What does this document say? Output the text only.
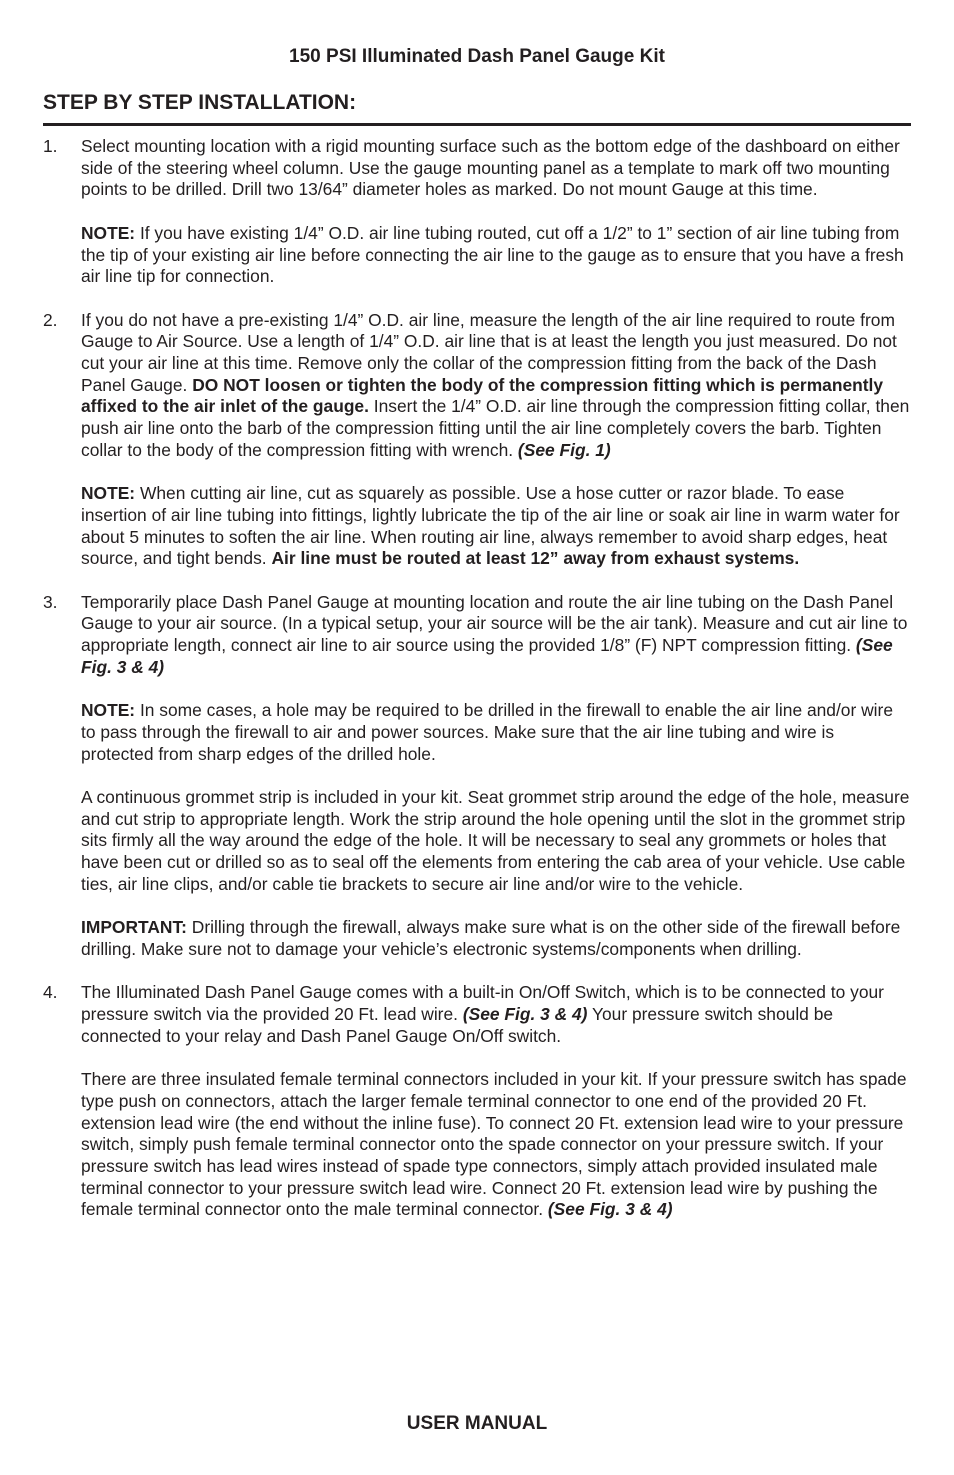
150 PSI Illuminated Dash Panel Gauge Kit
STEP BY STEP INSTALLATION:
1.	Select mounting location with a rigid mounting surface such as the bottom edge of the dashboard on either side of the steering wheel column. Use the gauge mounting panel as a template to mark off two mounting points to be drilled. Drill two 13/64” diameter holes as marked. Do not mount Gauge at this time.

NOTE: If you have existing 1/4” O.D. air line tubing routed, cut off a 1/2” to 1” section of air line tubing from the tip of your existing air line before connecting the air line to the gauge as to ensure that you have a fresh air line tip for connection.

2.	If you do not have a pre-existing 1/4” O.D. air line, measure the length of the air line required to route from Gauge to Air Source. Use a length of 1/4” O.D. air line that is at least the length you just measured. Do not cut your air line at this time. Remove only the collar of the compression fitting from the back of the Dash Panel Gauge. DO NOT loosen or tighten the body of the compression fitting which is permanently affixed to the air inlet of the gauge. Insert the 1/4” O.D. air line through the compression fitting collar, then push air line onto the barb of the compression fitting until the air line completely covers the barb. Tighten collar to the body of the compression fitting with wrench. (See Fig. 1)

NOTE: When cutting air line, cut as squarely as possible. Use a hose cutter or razor blade. To ease insertion of air line tubing into fittings, lightly lubricate the tip of the air line or soak air line in warm water for about 5 minutes to soften the air line. When routing air line, always remember to avoid sharp edges, heat source, and tight bends. Air line must be routed at least 12” away from exhaust systems.

3.	Temporarily place Dash Panel Gauge at mounting location and route the air line tubing on the Dash Panel Gauge to your air source. (In a typical setup, your air source will be the air tank). Measure and cut air line to appropriate length, connect air line to air source using the provided 1/8” (F) NPT compression fitting. (See Fig. 3 & 4)

NOTE: In some cases, a hole may be required to be drilled in the firewall to enable the air line and/or wire to pass through the firewall to air and power sources. Make sure that the air line tubing and wire is protected from sharp edges of the drilled hole.

A continuous grommet strip is included in your kit. Seat grommet strip around the edge of the hole, measure and cut strip to appropriate length. Work the strip around the hole opening until the slot in the grommet strip sits firmly all the way around the edge of the hole. It will be necessary to seal any grommets or holes that have been cut or drilled so as to seal off the elements from entering the cab area of your vehicle. Use cable ties, air line clips, and/or cable tie brackets to secure air line and/or wire to the vehicle.

IMPORTANT: Drilling through the firewall, always make sure what is on the other side of the firewall before drilling. Make sure not to damage your vehicle’s electronic systems/components when drilling.

4.	The Illuminated Dash Panel Gauge comes with a built-in On/Off Switch, which is to be connected to your pressure switch via the provided 20 Ft. lead wire. (See Fig. 3 & 4) Your pressure switch should be connected to your relay and Dash Panel Gauge On/Off switch.

There are three insulated female terminal connectors included in your kit. If your pressure switch has spade type push on connectors, attach the larger female terminal connector to one end of the provided 20 Ft. extension lead wire (the end without the inline fuse). To connect 20 Ft. extension lead wire to your pressure switch, simply push female terminal connector onto the spade connector on your pressure switch. If your pressure switch has lead wires instead of spade type connectors, simply attach provided insulated male terminal connector to your pressure switch lead wire. Connect 20 Ft. extension lead wire by pushing the female terminal connector onto the male terminal connector. (See Fig. 3 & 4)

USER MANUAL
